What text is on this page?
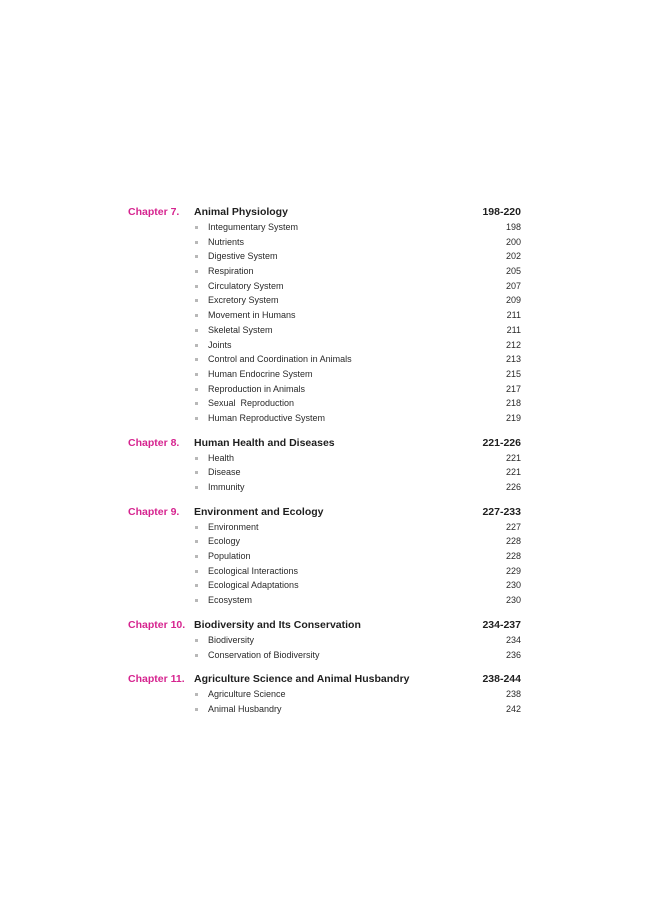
Chapter 7. Animal Physiology	198-220
Integumentary System	198
Nutrients	200
Digestive System	202
Respiration	205
Circulatory System	207
Excretory System	209
Movement in Humans	211
Skeletal System	211
Joints	212
Control and Coordination in Animals	213
Human Endocrine System	215
Reproduction in Animals	217
Sexual  Reproduction	218
Human Reproductive System	219
Chapter 8. Human Health and Diseases	221-226
Health	221
Disease	221
Immunity	226
Chapter 9. Environment and Ecology	227-233
Environment	227
Ecology	228
Population	228
Ecological Interactions	229
Ecological Adaptations	230
Ecosystem	230
Chapter 10. Biodiversity and Its Conservation	234-237
Biodiversity	234
Conservation of Biodiversity	236
Chapter 11. Agriculture Science and Animal Husbandry	238-244
Agriculture Science	238
Animal Husbandry	242
